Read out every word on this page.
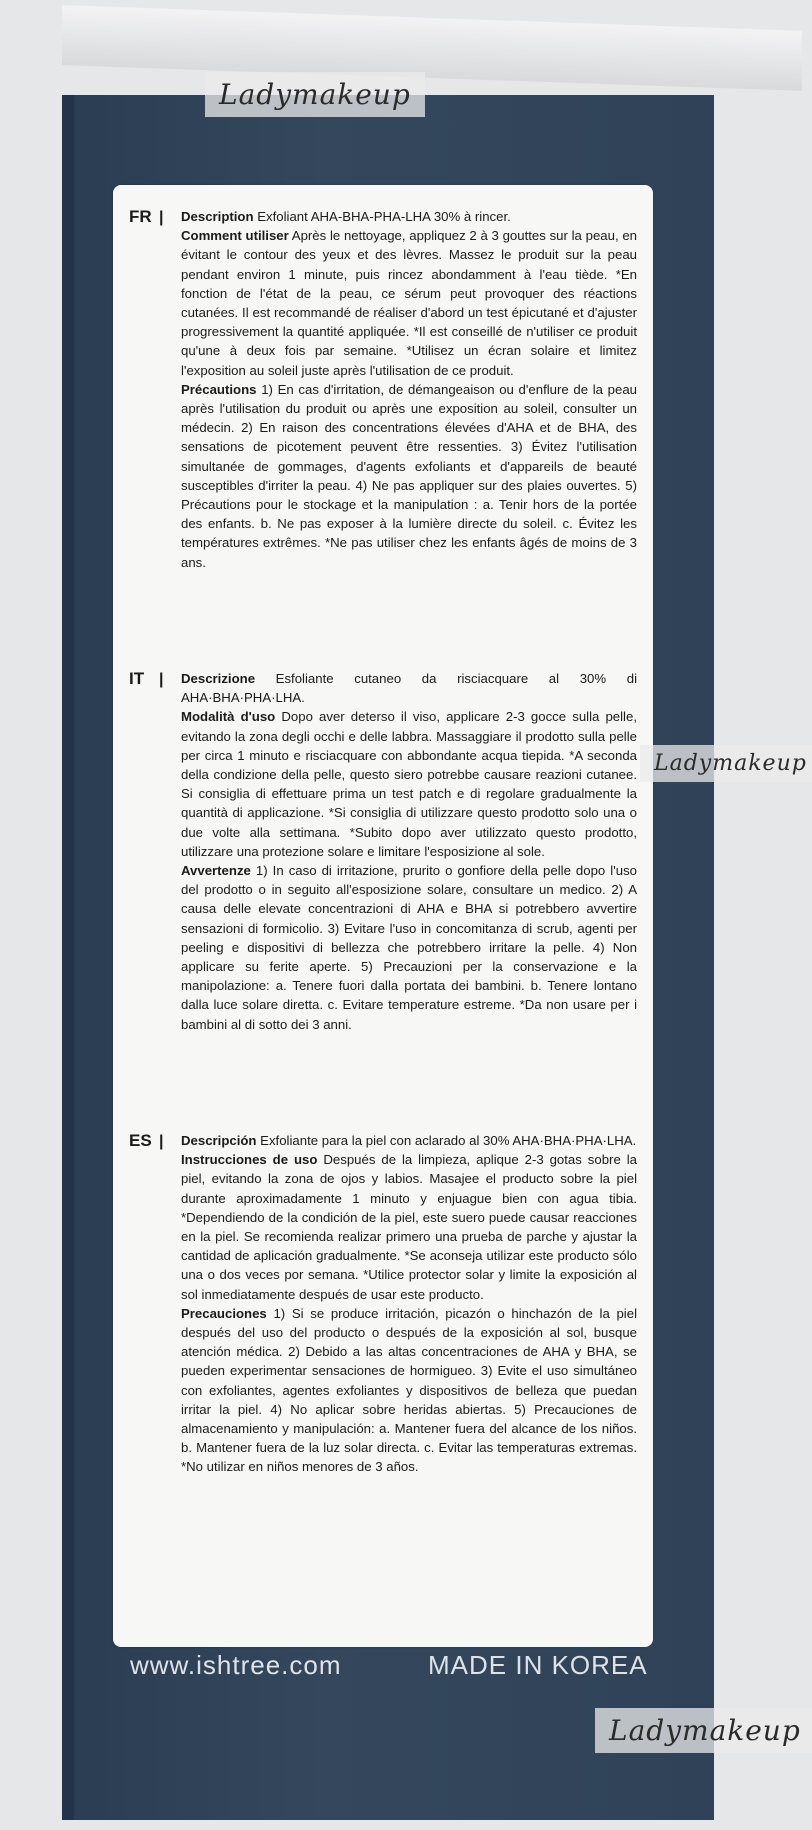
FR | Description Exfoliant AHA-BHA-PHA-LHA 30% à rincer.

Comment utiliser Après le nettoyage, appliquez 2 à 3 gouttes sur la peau, en évitant le contour des yeux et des lèvres. Massez le produit sur la peau pendant environ 1 minute, puis rincez abondamment à l'eau tiède. *En fonction de l'état de la peau, ce sérum peut provoquer des réactions cutanées. Il est recommandé de réaliser d'abord un test épicutané et d'ajuster progressivement la quantité appliquée. *Il est conseillé de n'utiliser ce produit qu'une à deux fois par semaine. *Utilisez un écran solaire et limitez l'exposition au soleil juste après l'utilisation de ce produit.

Précautions 1) En cas d'irritation, de démangeaison ou d'enflure de la peau après l'utilisation du produit ou après une exposition au soleil, consulter un médecin. 2) En raison des concentrations élevées d'AHA et de BHA, des sensations de picotement peuvent être ressenties. 3) Évitez l'utilisation simultanée de gommages, d'agents exfoliants et d'appareils de beauté susceptibles d'irriter la peau. 4) Ne pas appliquer sur des plaies ouvertes. 5) Précautions pour le stockage et la manipulation : a. Tenir hors de la portée des enfants. b. Ne pas exposer à la lumière directe du soleil. c. Évitez les températures extrêmes. *Ne pas utiliser chez les enfants âgés de moins de 3 ans.

IT | Descrizione Esfoliante cutaneo da risciacquare al 30% di AHA·BHA·PHA·LHA.

Modalità d'uso Dopo aver deterso il viso, applicare 2-3 gocce sulla pelle, evitando la zona degli occhi e delle labbra. Massaggiare il prodotto sulla pelle per circa 1 minuto e risciacquare con abbondante acqua tiepida. *A seconda della condizione della pelle, questo siero potrebbe causare reazioni cutanee. Si consiglia di effettuare prima un test patch e di regolare gradualmente la quantità di applicazione. *Si consiglia di utilizzare questo prodotto solo una o due volte alla settimana. *Subito dopo aver utilizzato questo prodotto, utilizzare una protezione solare e limitare l'esposizione al sole.

Avvertenze 1) In caso di irritazione, prurito o gonfiore della pelle dopo l'uso del prodotto o in seguito all'esposizione solare, consultare un medico. 2) A causa delle elevate concentrazioni di AHA e BHA si potrebbero avvertire sensazioni di formicolio. 3) Evitare l'uso in concomitanza di scrub, agenti per peeling e dispositivi di bellezza che potrebbero irritare la pelle. 4) Non applicare su ferite aperte. 5) Precauzioni per la conservazione e la manipolazione: a. Tenere fuori dalla portata dei bambini. b. Tenere lontano dalla luce solare diretta. c. Evitare temperature estreme. *Da non usare per i bambini al di sotto dei 3 anni.

ES | Descripción Exfoliante para la piel con aclarado al 30% AHA·BHA·PHA·LHA.

Instrucciones de uso Después de la limpieza, aplique 2-3 gotas sobre la piel, evitando la zona de ojos y labios. Masajee el producto sobre la piel durante aproximadamente 1 minuto y enjuague bien con agua tibia. *Dependiendo de la condición de la piel, este suero puede causar reacciones en la piel. Se recomienda realizar primero una prueba de parche y ajustar la cantidad de aplicación gradualmente. *Se aconseja utilizar este producto sólo una o dos veces por semana. *Utilice protector solar y limite la exposición al sol inmediatamente después de usar este producto.

Precauciones 1) Si se produce irritación, picazón o hinchazón de la piel después del uso del producto o después de la exposición al sol, busque atención médica. 2) Debido a las altas concentraciones de AHA y BHA, se pueden experimentar sensaciones de hormigueo. 3) Evite el uso simultáneo con exfoliantes, agentes exfoliantes y dispositivos de belleza que puedan irritar la piel. 4) No aplicar sobre heridas abiertas. 5) Precauciones de almacenamiento y manipulación: a. Mantener fuera del alcance de los niños. b. Mantener fuera de la luz solar directa. c. Evitar las temperaturas extremas. *No utilizar en niños menores de 3 años.

www.ishtree.com	MADE IN KOREA
Ladymakeup
Ladymakeup
Ladymakeup
